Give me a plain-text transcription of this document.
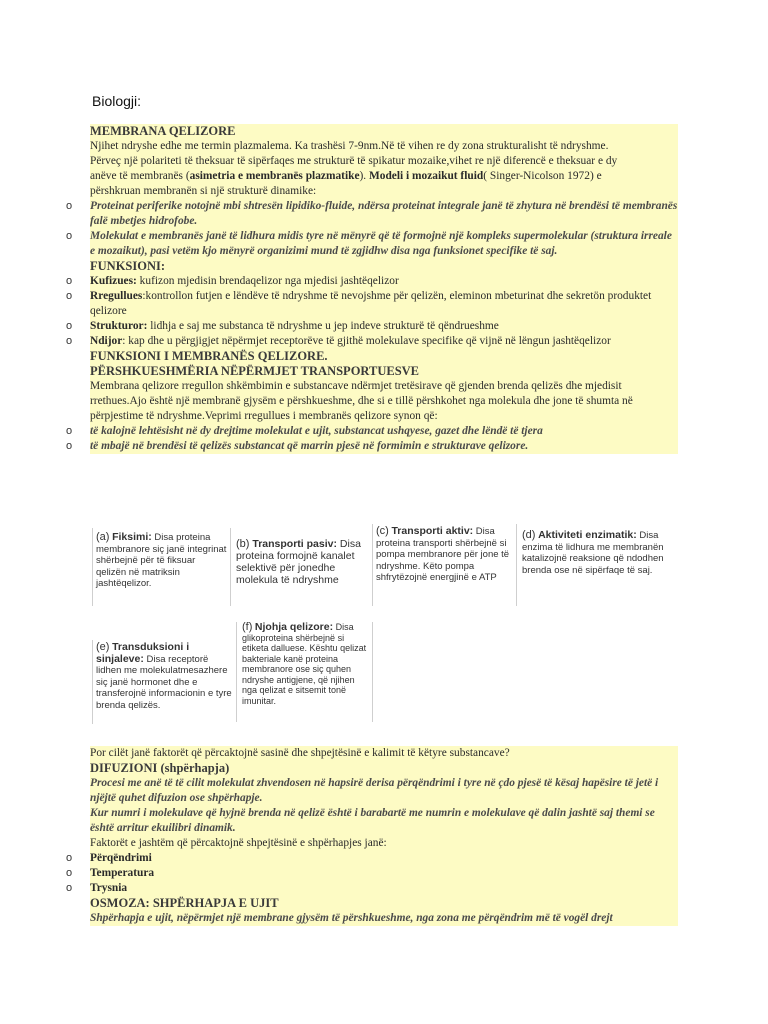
Biologji:

MEMBRANA QELIZORE

Njihet ndryshe edhe me termin plazmalema. Ka trashësi 7-9nm.Në të vihen re dy zona strukturalisht të ndryshme.

Përveç një polariteti të theksuar të sipërfaqes me strukturë të spikatur mozaike,vihet re një diferencë e theksuar e dy

anëve të membranës (asimetria e membranës plazmatike). Modeli i mozaikut fluid( Singer-Nicolson 1972) e

përshkruan membranën si një strukturë dinamike:

o Proteinat periferike notojnë mbi shtresën lipidiko-fluide, ndërsa proteinat integrale janë të zhytura në brendësi të membranës falë mbetjes hidrofobe.
o Molekulat e membranës janë të lidhura midis tyre në mënyrë që të formojnë një kompleks supermolekular (struktura irreale e mozaikut), pasi vetëm kjo mënyrë organizimi mund të zgjidhw disa nga funksionet specifike të saj.

FUNKSIONI:

o Kufizues: kufizon mjedisin brendaqelizor nga mjedisi jashtëqelizor
o Rregullues:kontrollon futjen e lëndëve të ndryshme të nevojshme për qelizën, eleminon mbeturinat dhe sekretön produktet qelizore
o Strukturor: lidhja e saj me substanca të ndryshme u jep indeve strukturë të qëndrueshme
o Ndijor: kap dhe u përgjigjet nëpërmjet receptorëve të gjithë molekulave specifike që vijnë në lëngun jashtëqelizor

FUNKSIONI I MEMBRANËS QELIZORE.

PËRSHKUESHMËRIA NËPËRMJET TRANSPORTUESVE

Membrana qelizore rregullon shkëmbimin e substancave ndërmjet tretësirave që gjenden brenda qelizës dhe mjedisit rrethues.Ajo është një membranë gjysëm e përshkueshme, dhe si e tillë përshkohet nga molekula dhe jone të shumta në përpjestime të ndryshme.Veprimi rregullues i membranës qelizore synon që:

o të kalojnë lehtësisht në dy drejtime molekulat e ujit, substancat ushqyese, gazet dhe lëndë të tjera
o të mbajë në brendësi të qelizës substancat që marrin pjesë në formimin e strukturave qelizore.
(a) Fiksimi: Disa proteina membranore siç janë integrinat shërbejnë për të fiksuar qelizën në matriksin jashtëqelizor.
(b) Transporti pasiv: Disa proteina formojnë kanalet selektivë për jonedhe molekula të ndryshme
(c) Transporti aktiv: Disa proteina transporti shërbejnë si pompa membranore për jone të ndryshme. Këto pompa shfrytëzojnë energjinë e ATP
(d) Aktiviteti enzimatik: Disa enzima të lidhura me membranën katalizojnë reaksione që ndodhen brenda ose në sipërfaqe të saj.
(e) Transduksioni i sinjaleve: Disa receptorë lidhen me molekulatmesazhere siç janë hormonet dhe e transferojnë informacionin e tyre brenda qelizës.
(f) Njohja qelizore: Disa glikoproteina shërbejnë si etiketa dalluese. Kështu qelizat bakteriale kanë proteina membranore ose siç quhen ndryshe antigjene, që njihen nga qelizat e sitsemit tonë imunitar.

Por cilët janë faktorët që përcaktojnë sasinë dhe shpejtësinë e kalimit të këtyre substancave?

DIFUZIONI (shpërhapja)

Procesi me anë të të cilit molekulat zhvendosen në hapsirë derisa përqëndrimi i tyre në çdo pjesë të kësaj hapësire të jetë i njëjtë quhet difuzion ose shpërhapje.

Kur numri i molekulave që hyjnë brenda në qelizë është i barabartë me numrin e molekulave që dalin jashtë saj themi se është arritur ekuilibri dinamik.

Faktorët e jashtëm që përcaktojnë shpejtësinë e shpërhapjes janë:

o Përqëndrimi
o Temperatura
o Trysnia

OSMOZA: SHPËRHAPJA E UJIT

Shpërhapja e ujit, nëpërmjet një membrane gjysëm të përshkueshme, nga zona me përqëndrim më të vogël drejt
